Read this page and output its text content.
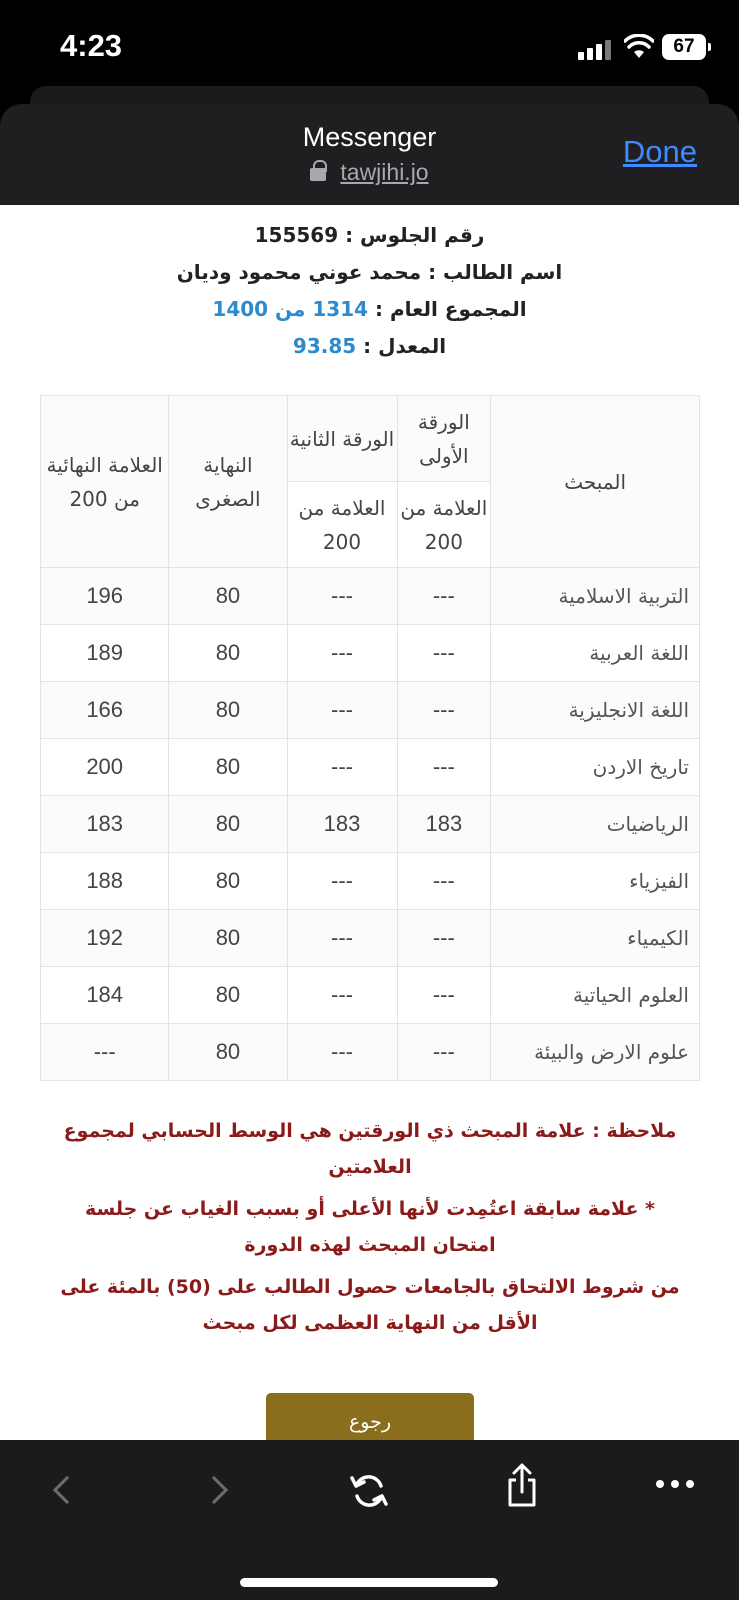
4:23	67
Messenger
tawjihi.jo
Done
رقم الجلوس : 155569
اسم الطالب : محمد عوني محمود وديان
المجموع العام : 1314 من 1400
المعدل : 93.85
المبحث	الورقة الأولى	الورقة الثانية	النهاية الصغرى	العلامة النهائية من 200
	العلامة من 200	العلامة من 200		
التربية الاسلامية	---	---	80	196
اللغة العربية	---	---	80	189
اللغة الانجليزية	---	---	80	166
تاريخ الاردن	---	---	80	200
الرياضيات	183	183	80	183
الفيزياء	---	---	80	188
الكيمياء	---	---	80	192
العلوم الحياتية	---	---	80	184
علوم الارض والبيئة	---	---	80	---

ملاحظة : علامة المبحث ذي الورقتين هي الوسط الحسابي لمجموع العلامتين

* علامة سابقة اعتُمِدت لأنها الأعلى أو بسبب الغياب عن جلسة امتحان المبحث لهذه الدورة

من شروط الالتحاق بالجامعات حصول الطالب على (50) بالمئة على الأقل من النهاية العظمى لكل مبحث

رجوع
